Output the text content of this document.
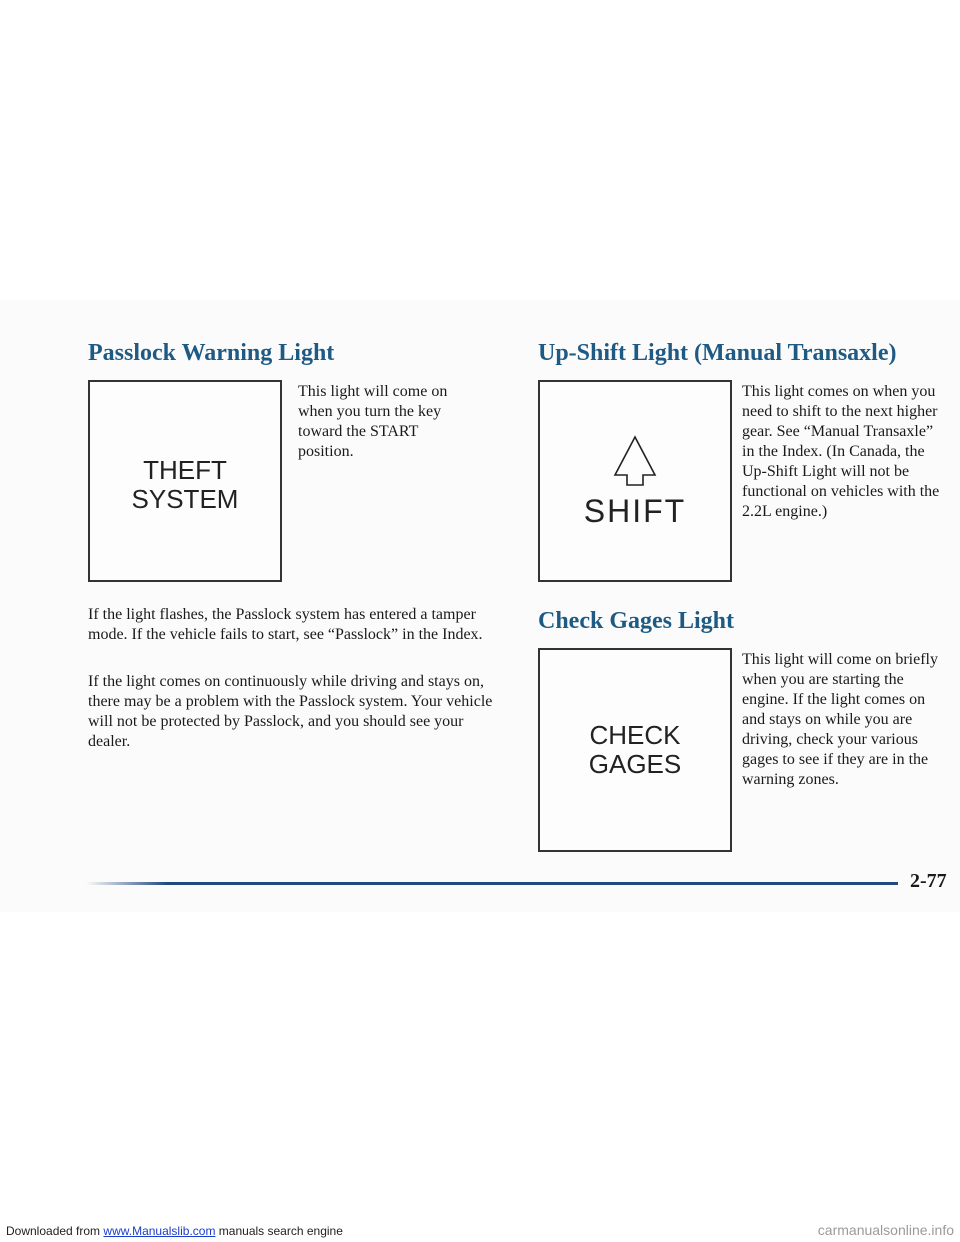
Passlock Warning Light
THEFT
SYSTEM

This light will come on when you turn the key toward the START position.

If the light flashes, the Passlock system has entered a tamper mode. If the vehicle fails to start, see “Passlock” in the Index.

If the light comes on continuously while driving and stays on, there may be a problem with the Passlock system. Your vehicle will not be protected by Passlock, and you should see your dealer.

Up-Shift Light (Manual Transaxle)
SHIFT

This light comes on when you need to shift to the next higher gear. See “Manual Transaxle” in the Index. (In Canada, the Up-Shift Light will not be functional on vehicles with the 2.2L engine.)

Check Gages Light
CHECK
GAGES

This light will come on briefly when you are starting the engine. If the light comes on and stays on while you are driving, check your various gages to see if they are in the warning zones.

2-77
Downloaded from www.Manualslib.com manuals search engine	carmanualsonline.info
